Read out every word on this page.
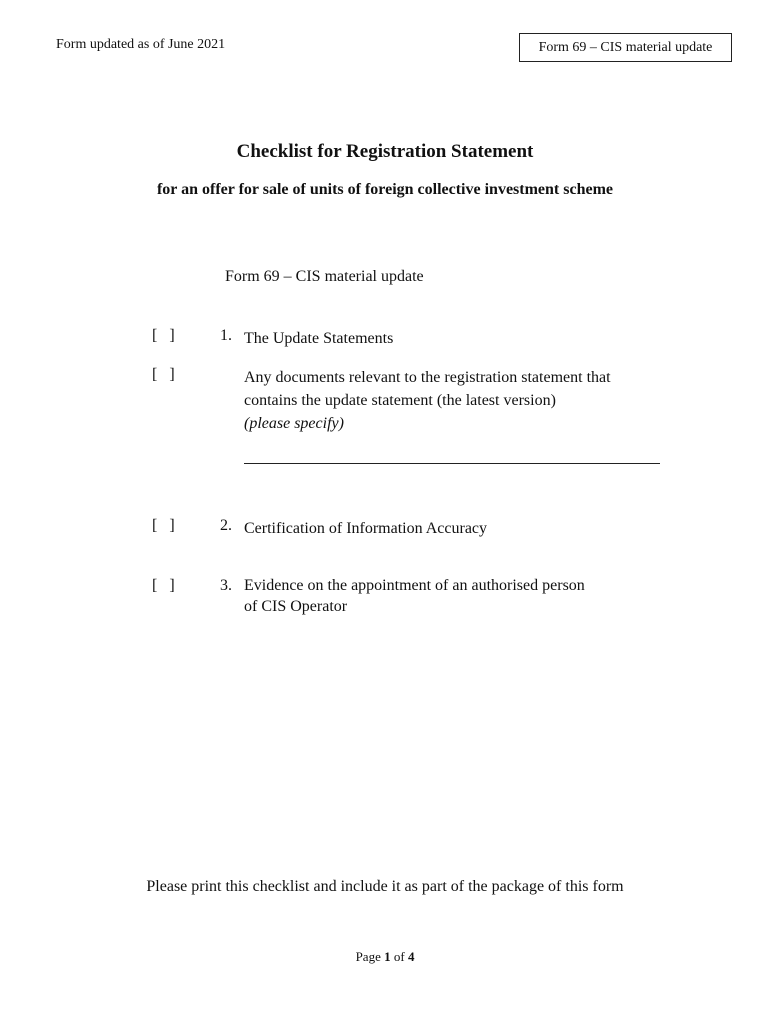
Form updated as of June 2021	Form 69 – CIS material update
Checklist for Registration Statement
for an offer for sale of units of foreign collective investment scheme
Form 69 – CIS material update
[   ]	1. The Update Statements
[   ]	Any documents relevant to the registration statement that
contains the update statement (the latest version)
(please specify)
[   ]	2. Certification of Information Accuracy
[   ]	3. Evidence on the appointment of an authorised person
of CIS Operator
Please print this checklist and include it as part of the package of this form
Page 1 of 4
